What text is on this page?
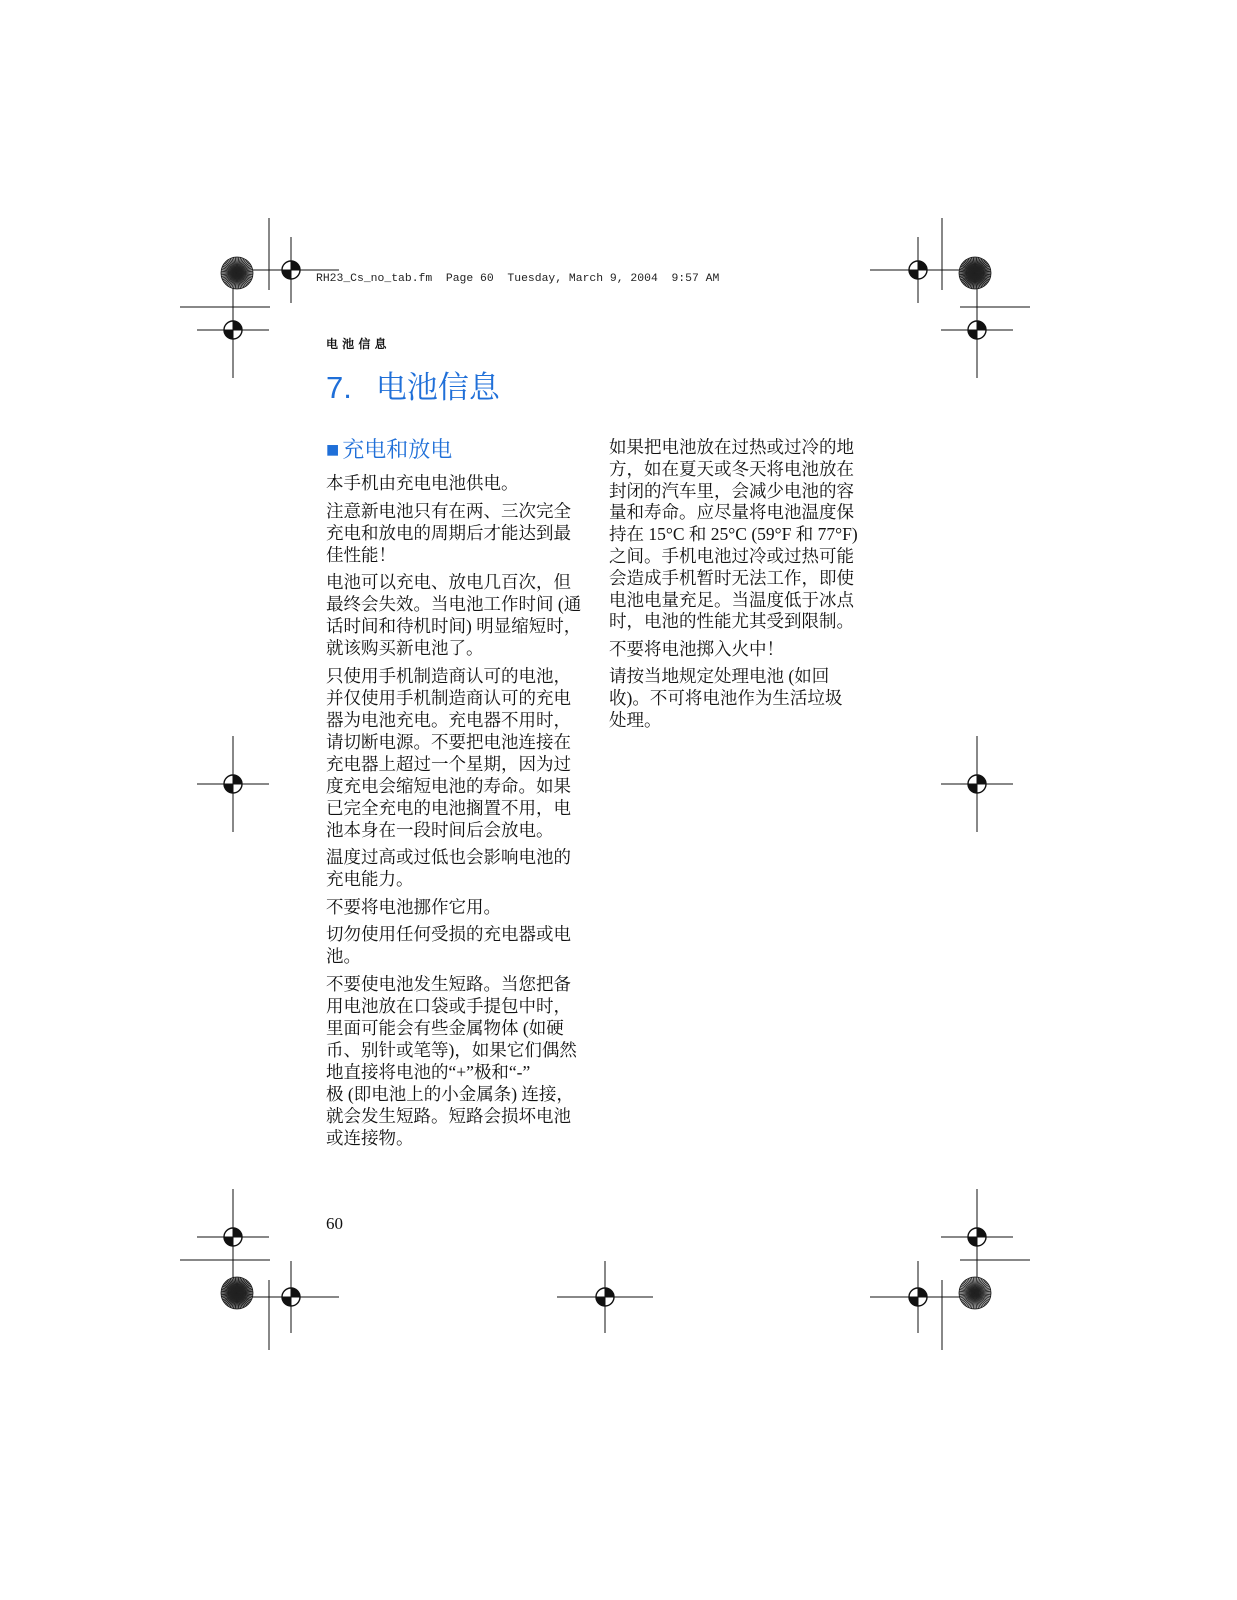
RH23_Cs_no_tab.fm  Page 60  Tuesday, March 9, 2004  9:57 AM
电 池 信 息
7. 电池信息
■ 充电和放电

本手机由充电电池供电。

注意新电池只有在两、三次完全
充电和放电的周期后才能达到最
佳性能！

电池可以充电、放电几百次，但
最终会失效。当电池工作时间 (通
话时间和待机时间) 明显缩短时，
就该购买新电池了。

只使用手机制造商认可的电池，
并仅使用手机制造商认可的充电
器为电池充电。充电器不用时，
请切断电源。不要把电池连接在
充电器上超过一个星期，因为过
度充电会缩短电池的寿命。如果
已完全充电的电池搁置不用，电
池本身在一段时间后会放电。

温度过高或过低也会影响电池的
充电能力。

不要将电池挪作它用。

切勿使用任何受损的充电器或电
池。

不要使电池发生短路。当您把备
用电池放在口袋或手提包中时，
里面可能会有些金属物体 (如硬
币、别针或笔等)，如果它们偶然
地直接将电池的“+”极和“-”
极 (即电池上的小金属条) 连接，
就会发生短路。短路会损坏电池
或连接物。

如果把电池放在过热或过冷的地
方，如在夏天或冬天将电池放在
封闭的汽车里，会减少电池的容
量和寿命。应尽量将电池温度保
持在 15°C 和 25°C (59°F 和 77°F)
之间。手机电池过冷或过热可能
会造成手机暂时无法工作，即使
电池电量充足。当温度低于冰点
时，电池的性能尤其受到限制。

不要将电池掷入火中！

请按当地规定处理电池 (如回
收)。不可将电池作为生活垃圾
处理。

60
